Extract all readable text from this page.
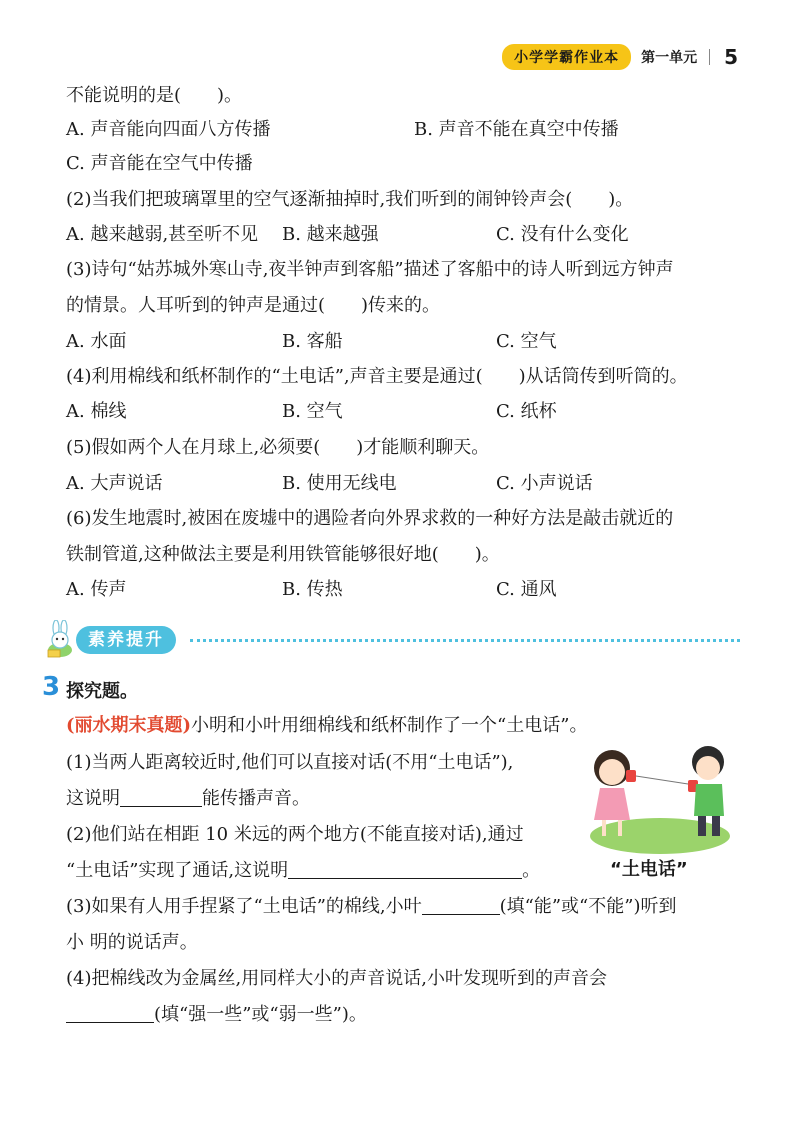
小学学霸作业本	第一单元 5
不能说明的是(　　)。
A. 声音能向四面八方传播	B. 声音不能在真空中传播
C. 声音能在空气中传播
(2)当我们把玻璃罩里的空气逐渐抽掉时,我们听到的闹钟铃声会(　　)。
A. 越来越弱,甚至听不见 B. 越来越强	C. 没有什么变化
(3)诗句“姑苏城外寒山寺,夜半钟声到客船”描述了客船中的诗人听到远方钟声
的情景。人耳听到的钟声是通过(　　)传来的。
A. 水面	B. 客船	C. 空气
(4)利用棉线和纸杯制作的“土电话”,声音主要是通过(　　)从话筒传到听筒的。
A. 棉线	B. 空气	C. 纸杯
(5)假如两个人在月球上,必须要(　　)才能顺利聊天。
A. 大声说话	B. 使用无线电	C. 小声说话
(6)发生地震时,被困在废墟中的遇险者向外界求救的一种好方法是敲击就近的
铁制管道,这种做法主要是利用铁管能够很好地(　　)。
A. 传声	B. 传热	C. 通风
素养提升
3 探究题。
(丽水期末真题)小明和小叶用细棉线和纸杯制作了一个“土电话”。
(1)当两人距离较近时,他们可以直接对话(不用“土电话”),
这说明	能传播声音。
(2)他们站在相距 10 米远的两个地方(不能直接对话),通过
“土电话”实现了通话,这说明	。
(3)如果有人用手捏紧了“土电话”的棉线,小叶	(填“能”或“不能”)听到
小 明的说话声。
(4)把棉线改为金属丝,用同样大小的声音说话,小叶发现听到的声音会
(填“强一些”或“弱一些”)。
“土电话”
